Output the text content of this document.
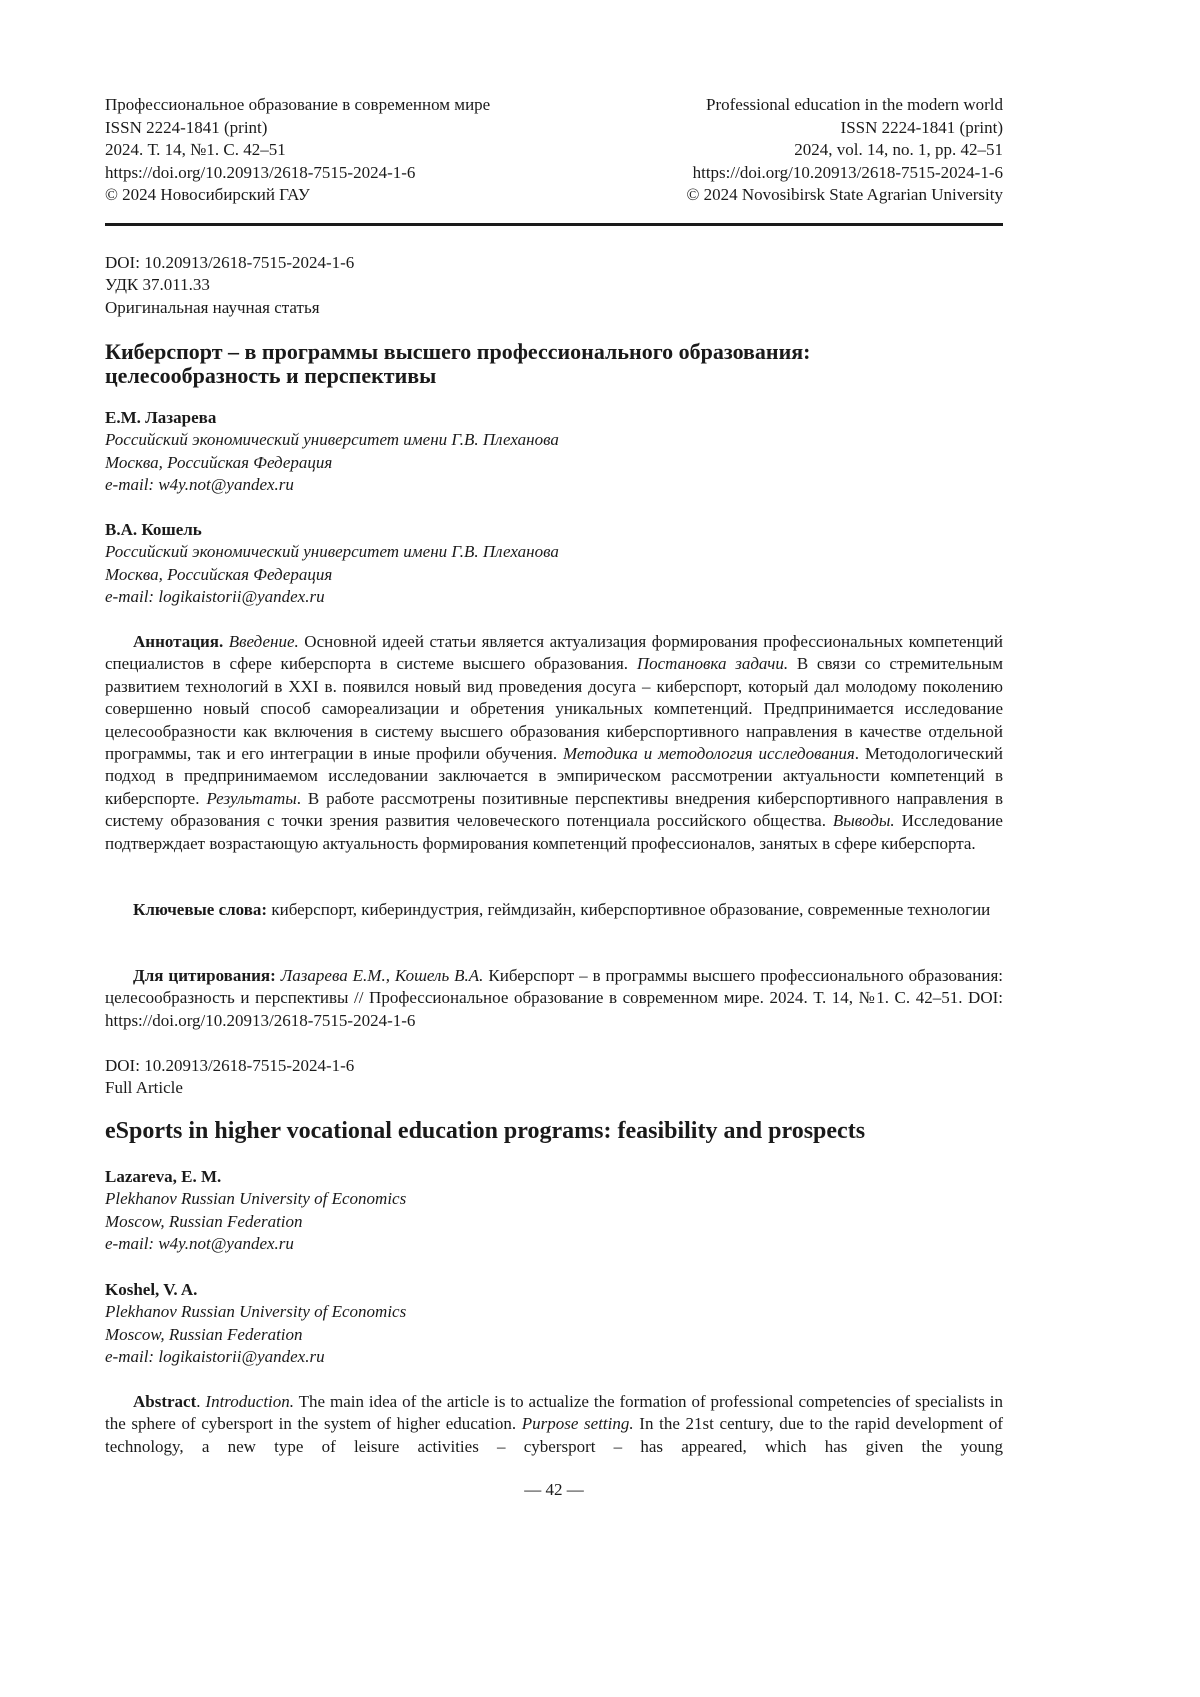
Профессиональное образование в современном мире
ISSN 2224-1841 (print)
2024. Т. 14, №1. С. 42–51
https://doi.org/10.20913/2618-7515-2024-1-6
© 2024 Новосибирский ГАУ
Professional education in the modern world
ISSN 2224-1841 (print)
2024, vol. 14, no. 1, pp. 42–51
https://doi.org/10.20913/2618-7515-2024-1-6
© 2024 Novosibirsk State Agrarian University
DOI: 10.20913/2618-7515-2024-1-6
УДК 37.011.33
Оригинальная научная статья
Киберспорт – в программы высшего профессионального образования:
целесообразность и перспективы
Е.М. Лазарева
Российский экономический университет имени Г.В. Плеханова
Москва, Российская Федерация
e-mail: w4y.not@yandex.ru
В.А. Кошель
Российский экономический университет имени Г.В. Плеханова
Москва, Российская Федерация
e-mail: logikaistorii@yandex.ru

Аннотация. Введение. Основной идеей статьи является актуализация формирования профессиональных компетенций специалистов в сфере киберспорта в системе высшего образования. Постановка задачи. В связи со стремительным развитием технологий в XXI в. появился новый вид проведения досуга – киберспорт, который дал молодому поколению совершенно новый способ самореализации и обретения уникальных компетенций. Предпринимается исследование целесообразности как включения в систему высшего образования киберспортивного направления в качестве отдельной программы, так и его интеграции в иные профили обучения. Методика и методология исследования. Методологический подход в предпринимаемом исследовании заключается в эмпирическом рассмотрении актуальности компетенций в киберспорте. Результаты. В работе рассмотрены позитивные перспективы внедрения киберспортивного направления в систему образования с точки зрения развития человеческого потенциала российского общества. Выводы. Исследование подтверждает возрастающую актуальность формирования компетенций профессионалов, занятых в сфере киберспорта.

Ключевые слова: киберспорт, кибериндустрия, геймдизайн, киберспортивное образование, современные технологии

Для цитирования: Лазарева Е.М., Кошель В.А. Киберспорт – в программы высшего профессионального образования: целесообразность и перспективы // Профессиональное образование в современном мире. 2024. Т. 14, №1. С. 42–51. DOI: https://doi.org/10.20913/2618-7515-2024-1-6

DOI: 10.20913/2618-7515-2024-1-6
Full Article
eSports in higher vocational education programs: feasibility and prospects
Lazareva, E. M.
Plekhanov Russian University of Economics
Moscow, Russian Federation
e-mail: w4y.not@yandex.ru
Koshel, V. A.
Plekhanov Russian University of Economics
Moscow, Russian Federation
e-mail: logikaistorii@yandex.ru

Abstract. Introduction. The main idea of the article is to actualize the formation of professional competencies of specialists in the sphere of cybersport in the system of higher education. Purpose setting. In the 21st century, due to the rapid development of technology, a new type of leisure activities – cybersport – has appeared, which has given the young

— 42 —
